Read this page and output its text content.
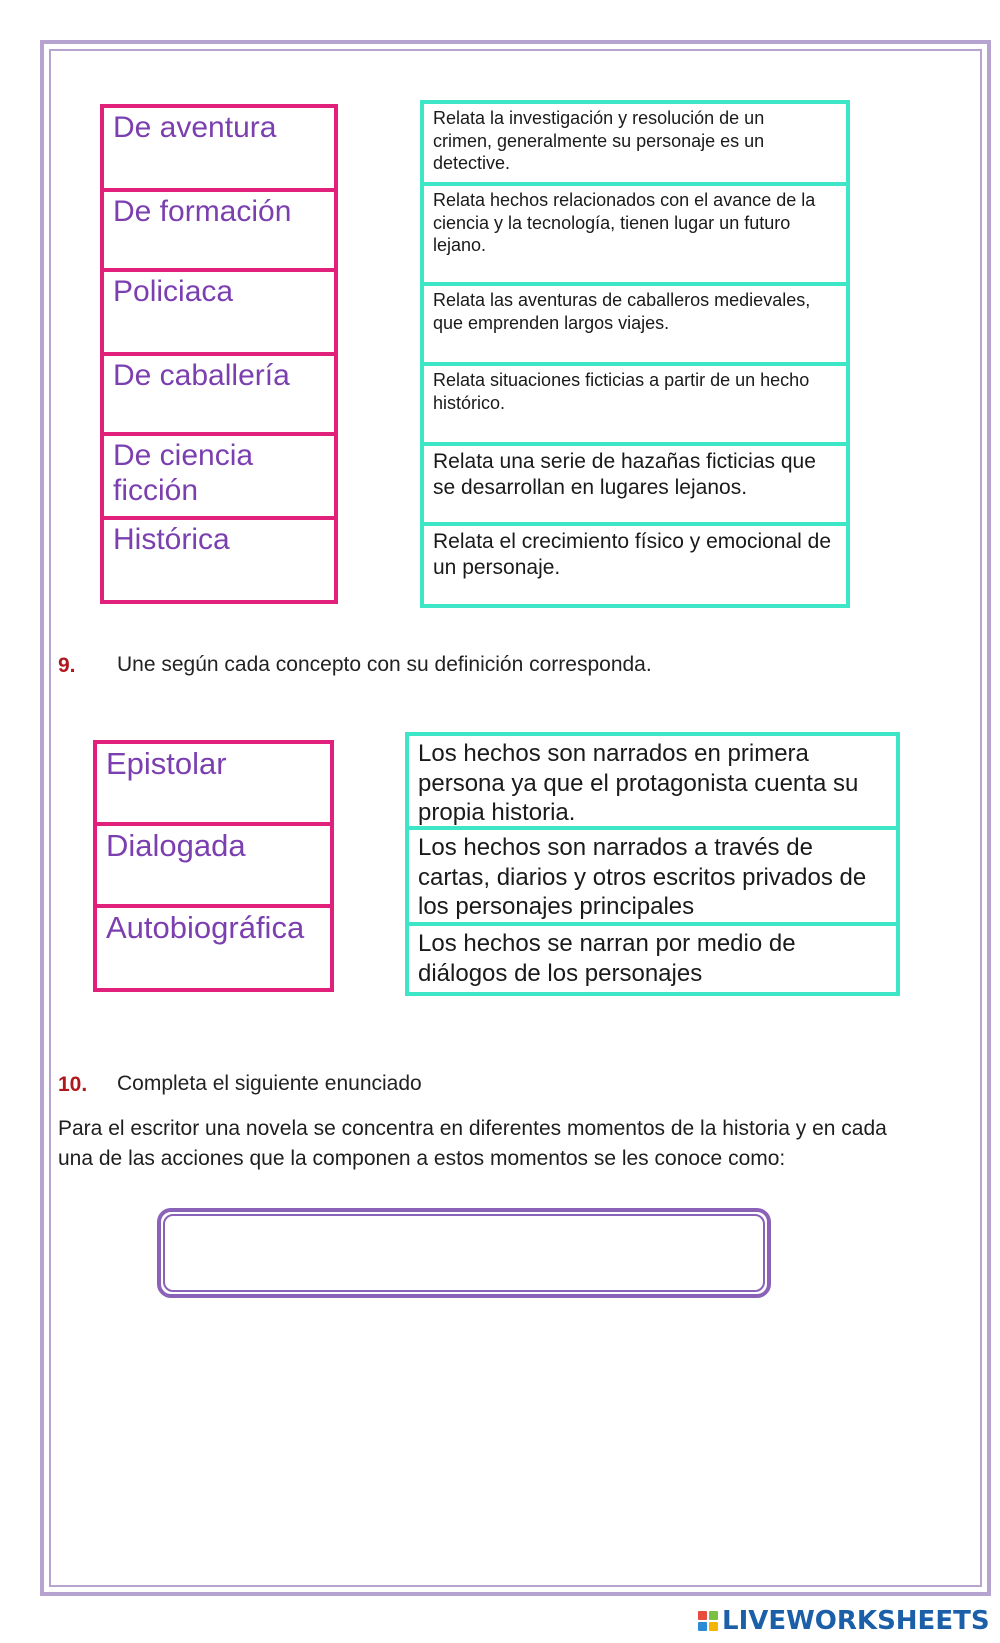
De aventura
De formación
Policiaca
De caballería
De ciencia ficción
Histórica
Relata la investigación y resolución de un crimen, generalmente su personaje es un detective.
Relata hechos relacionados con el avance de la ciencia y la tecnología, tienen lugar un futuro lejano.
Relata las aventuras de caballeros medievales, que emprenden largos viajes.
Relata situaciones ficticias a partir de un hecho histórico.
Relata una serie de hazañas ficticias que se desarrollan en lugares lejanos.
Relata el crecimiento físico y emocional de un personaje.
9. Une según cada concepto con su definición corresponda.
Epistolar
Dialogada
Autobiográfica
Los hechos son narrados en primera persona ya que el protagonista cuenta su propia historia.
Los hechos son narrados a través de cartas, diarios y otros escritos privados de los personajes principales
Los hechos se narran por medio de diálogos de los personajes
10. Completa el siguiente enunciado
Para el escritor una novela se concentra en diferentes momentos de la historia y en cada una de las acciones que la componen a estos momentos se les conoce como:
LIVEWORKSHEETS
